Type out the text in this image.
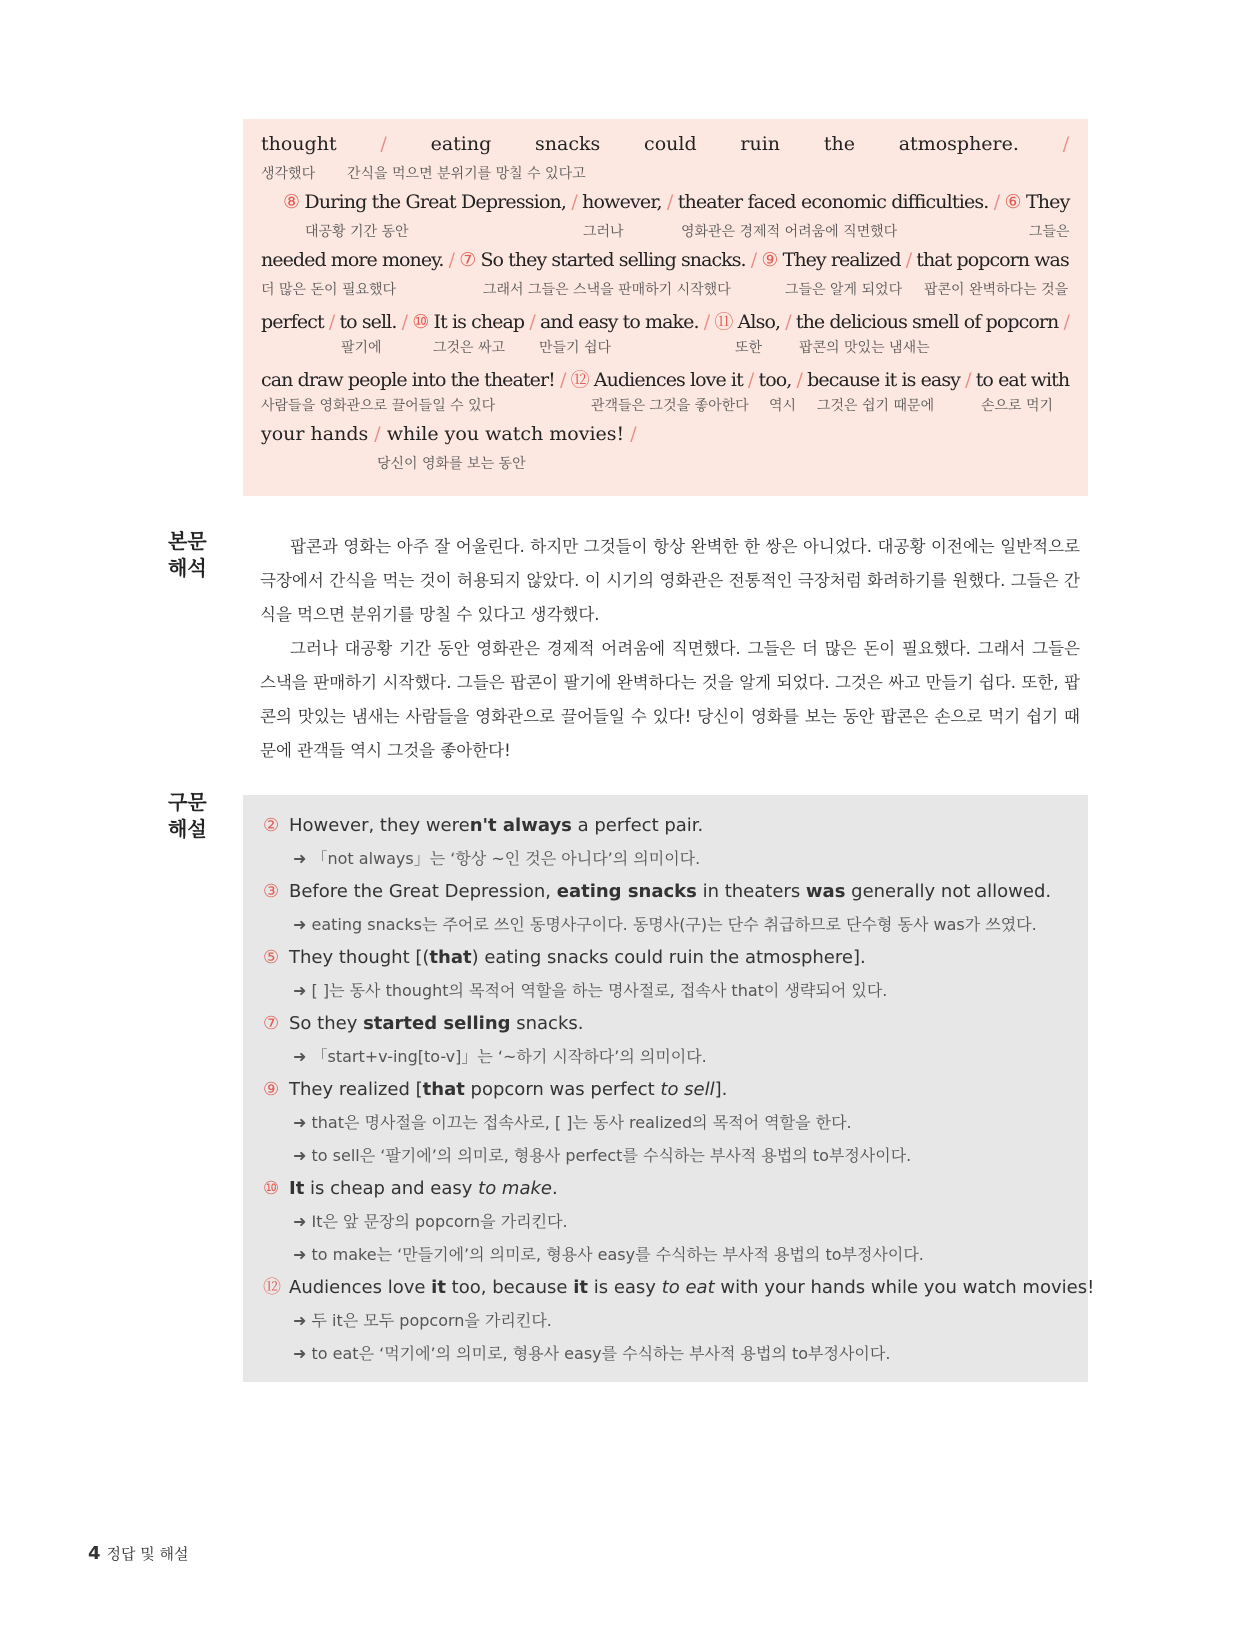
thought / eating snacks could ruin the atmosphere. /
생각했다 간식을 먹으면 분위기를 망칠 수 있다고
⑧ During the Great Depression, / however, / theater faced economic difficulties. / ⑥ They
대공황 기간 동안	그러나	영화관은 경제적 어려움에 직면했다	그들은
needed more money. / ⑦ So they started selling snacks. / ⑨ They realized / that popcorn was
더 많은 돈이 필요했다	그래서 그들은 스낵을 판매하기 시작했다	그들은 알게 되었다 팝콘이 완벽하다는 것을
perfect / to sell. / ⑩ It is cheap / and easy to make. / ⑪ Also, / the delicious smell of popcorn /
팔기에	그것은 싸고 만들기 쉽다	또한	팝콘의 맛있는 냄새는
can draw people into the theater! / ⑫ Audiences love it / too, / because it is easy / to eat with
사람들을 영화관으로 끌어들일 수 있다	관객들은 그것을 좋아한다 역시 그것은 쉽기 때문에	손으로 먹기
your hands / while you watch movies! /
당신이 영화를 보는 동안
본문
해석

팝콘과 영화는 아주 잘 어울린다. 하지만 그것들이 항상 완벽한 한 쌍은 아니었다. 대공황 이전에는 일반적으로 극장에서 간식을 먹는 것이 허용되지 않았다. 이 시기의 영화관은 전통적인 극장처럼 화려하기를 원했다. 그들은 간식을 먹으면 분위기를 망칠 수 있다고 생각했다.

그러나 대공황 기간 동안 영화관은 경제적 어려움에 직면했다. 그들은 더 많은 돈이 필요했다. 그래서 그들은 스낵을 판매하기 시작했다. 그들은 팝콘이 팔기에 완벽하다는 것을 알게 되었다. 그것은 싸고 만들기 쉽다. 또한, 팝콘의 맛있는 냄새는 사람들을 영화관으로 끌어들일 수 있다! 당신이 영화를 보는 동안 팝콘은 손으로 먹기 쉽기 때문에 관객들 역시 그것을 좋아한다!

구문
해설	② However, they weren't always a perfect pair.
➜ 「not always」는 ‘항상 ~인 것은 아니다’의 의미이다.
③ Before the Great Depression, eating snacks in theaters was generally not allowed.
➜ eating snacks는 주어로 쓰인 동명사구이다. 동명사(구)는 단수 취급하므로 단수형 동사 was가 쓰였다.
⑤ They thought [(that) eating snacks could ruin the atmosphere].
➜ [ ]는 동사 thought의 목적어 역할을 하는 명사절로, 접속사 that이 생략되어 있다.
⑦ So they started selling snacks.
➜ 「start+v-ing[to-v]」는 ‘~하기 시작하다’의 의미이다.
⑨ They realized [that popcorn was perfect to sell].
➜ that은 명사절을 이끄는 접속사로, [ ]는 동사 realized의 목적어 역할을 한다.
➜ to sell은 ‘팔기에’의 의미로, 형용사 perfect를 수식하는 부사적 용법의 to부정사이다.
⑩ It is cheap and easy to make.
➜ It은 앞 문장의 popcorn을 가리킨다.
➜ to make는 ‘만들기에’의 의미로, 형용사 easy를 수식하는 부사적 용법의 to부정사이다.
⑫ Audiences love it too, because it is easy to eat with your hands while you watch movies!
➜ 두 it은 모두 popcorn을 가리킨다.
➜ to eat은 ‘먹기에’의 의미로, 형용사 easy를 수식하는 부사적 용법의 to부정사이다.
4 정답 및 해설
